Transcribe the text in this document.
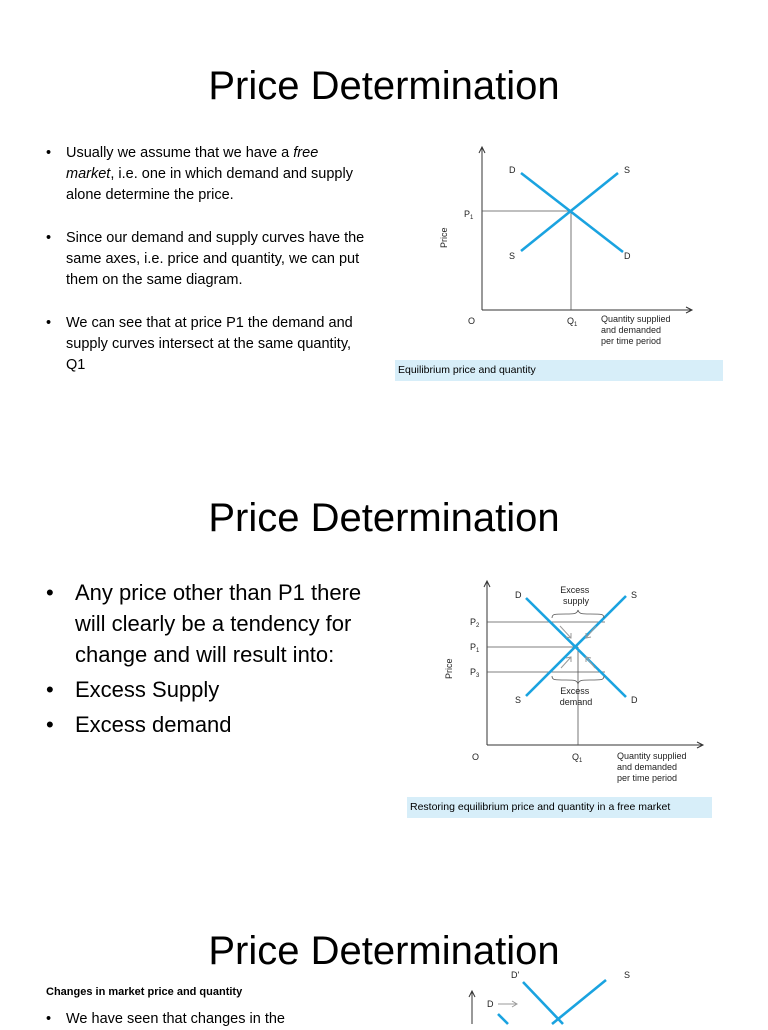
Price Determination
• Usually we assume that we have a free market, i.e. one in which demand and supply alone determine the price.
• Since our demand and supply curves have the same axes, i.e. price and quantity, we can put them on the same diagram.
• We can see that at price P1 the demand and supply curves intersect at the same quantity, Q1
D	S
S	D
$P_1$
Price
O	$Q_1$
Quantity supplied and demanded per time period
Equilibrium price and quantity
Price Determination
• Any price other than P1 there will clearly be a tendency for change and will result into:
• Excess Supply
• Excess demand
Excess supply
Excess demand
D	S
S	D
$P_2$
$P_1$
$P_3$
Price
O	$Q_1$	Quantity supplied and demanded per time period
Restoring equilibrium price and quantity in a free market
Price Determination
Changes in market price and quantity
• We have seen that changes in the
D'	S
D
